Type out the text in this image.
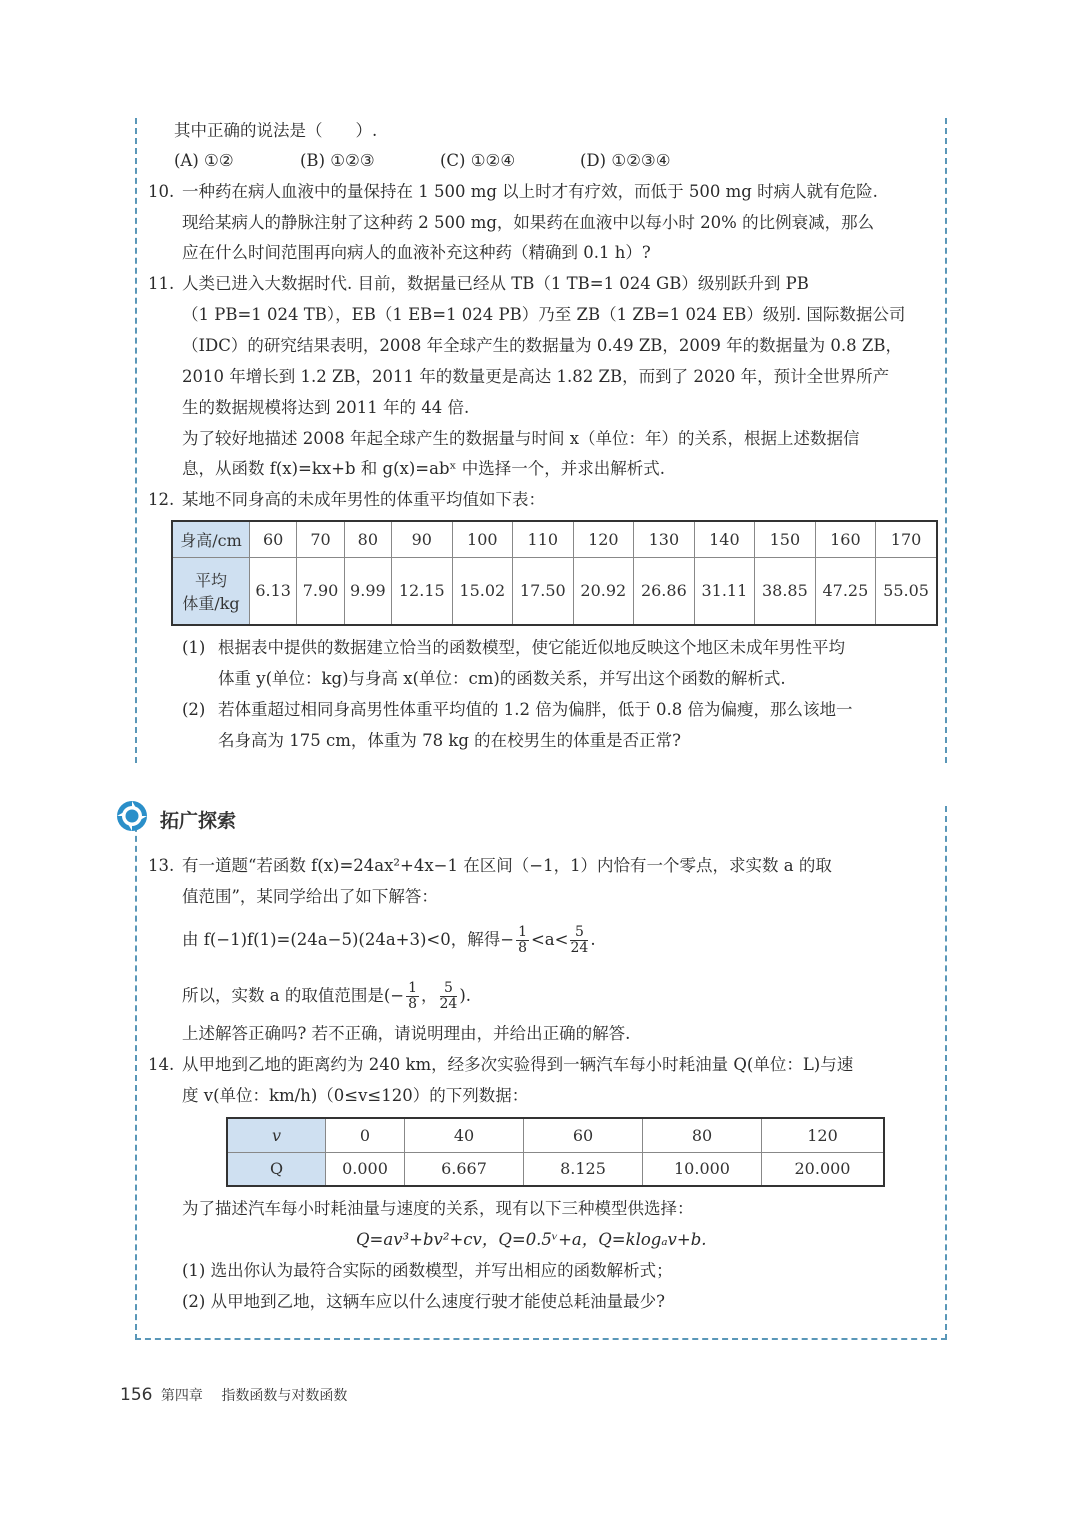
其中正确的说法是（　　）.
(A) ①②	(B) ①②③	(C) ①②④	(D) ①②③④
10. 一种药在病人血液中的量保持在 1 500 mg 以上时才有疗效，而低于 500 mg 时病人就有危险.
现给某病人的静脉注射了这种药 2 500 mg，如果药在血液中以每小时 20% 的比例衰减，那么
应在什么时间范围再向病人的血液补充这种药（精确到 0.1 h）?
11. 人类已进入大数据时代. 目前，数据量已经从 TB（1 TB=1 024 GB）级别跃升到 PB
（1 PB=1 024 TB），EB（1 EB=1 024 PB）乃至 ZB（1 ZB=1 024 EB）级别. 国际数据公司
（IDC）的研究结果表明，2008 年全球产生的数据量为 0.49 ZB，2009 年的数据量为 0.8 ZB，
2010 年增长到 1.2 ZB，2011 年的数量更是高达 1.82 ZB，而到了 2020 年，预计全世界所产
生的数据规模将达到 2011 年的 44 倍.
为了较好地描述 2008 年起全球产生的数据量与时间 x（单位：年）的关系，根据上述数据信
息，从函数 f(x)=kx+b 和 g(x)=abˣ 中选择一个，并求出解析式.
12. 某地不同身高的未成年男性的体重平均值如下表：
身高/cm	60	70	80	90	100	110	120	130	140	150	160	170
平均
体重/kg	6.13	7.90	9.99	12.15	15.02	17.50	20.92	26.86	31.11	38.85	47.25	55.05
(1) 根据表中提供的数据建立恰当的函数模型，使它能近似地反映这个地区未成年男性平均
体重 y(单位：kg)与身高 x(单位：cm)的函数关系，并写出这个函数的解析式.
(2) 若体重超过相同身高男性体重平均值的 1.2 倍为偏胖，低于 0.8 倍为偏瘦，那么该地一
名身高为 175 cm，体重为 78 kg 的在校男生的体重是否正常?
拓广探索
13. 有一道题“若函数 f(x)=24ax²+4x−1 在区间（−1，1）内恰有一个零点，求实数 a 的取
值范围”，某同学给出了如下解答：
由 f(−1)f(1)=(24a−5)(24a+3)<0，解得− $\frac{1}{8} <a< \frac{5}{24}$ .
所以，实数 a 的取值范围是(− $\frac{1}{8}$ ， $\frac{5}{24}$ ).
上述解答正确吗? 若不正确，请说明理由，并给出正确的解答.
14. 从甲地到乙地的距离约为 240 km，经多次实验得到一辆汽车每小时耗油量 Q(单位：L)与速
度 v(单位：km/h)（0≤v≤120）的下列数据：
v	0	40	60	80	120
Q	0.000	6.667	8.125	10.000	20.000
为了描述汽车每小时耗油量与速度的关系，现有以下三种模型供选择：
Q=av³+bv²+cv，Q=0.5ᵛ+a，Q=klogₐv+b.
(1) 选出你认为最符合实际的函数模型，并写出相应的函数解析式；
(2) 从甲地到乙地，这辆车应以什么速度行驶才能使总耗油量最少?
156 第四章 指数函数与对数函数
